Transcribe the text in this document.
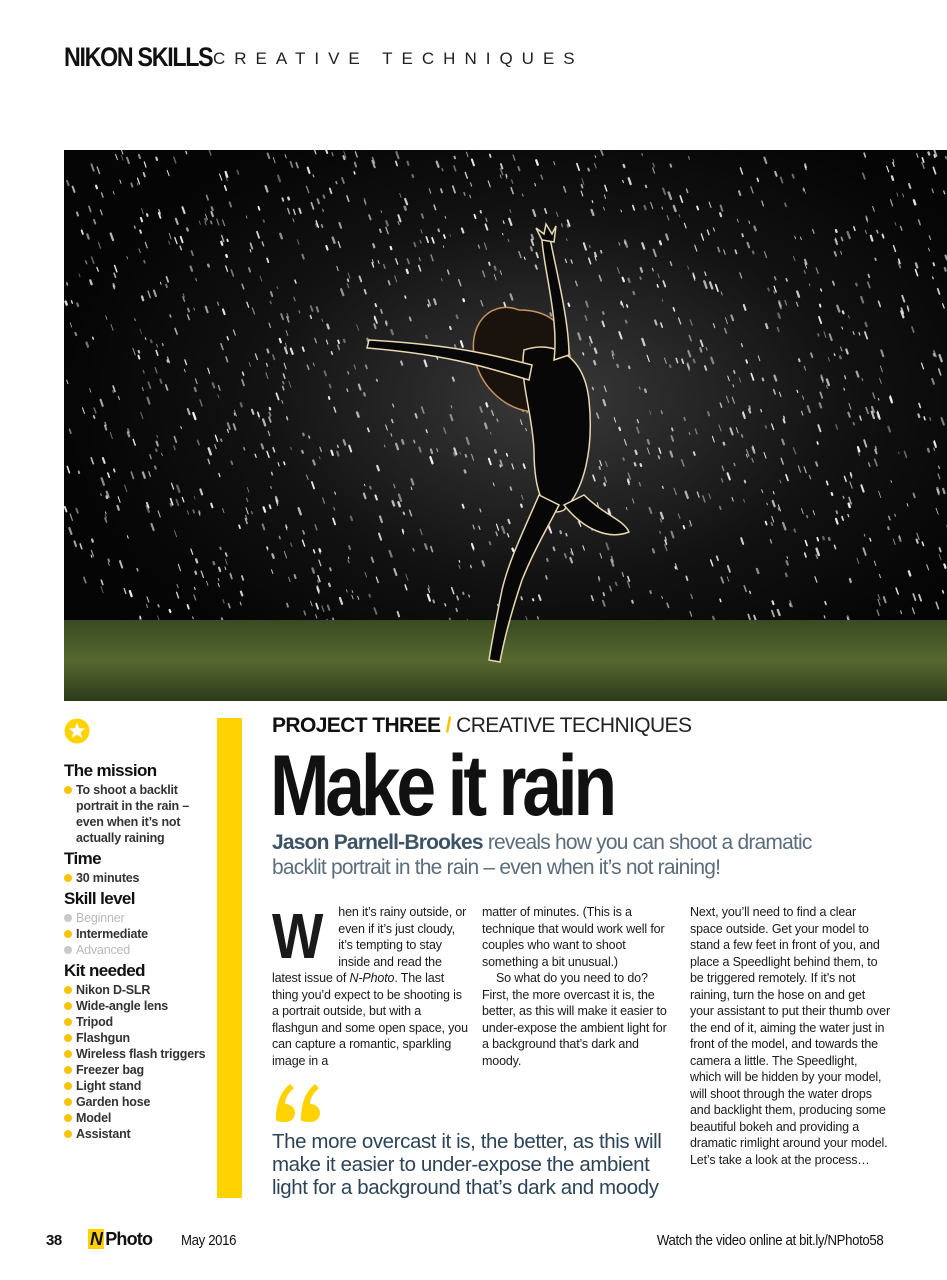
NIKON SKILLS CREATIVE TECHNIQUES
The mission
To shoot a backlit portrait in the rain – even when it’s not actually raining
Time
30 minutes
Skill level
Beginner
Intermediate
Advanced
Kit needed
Nikon D-SLR
Wide-angle lens
Tripod
Flashgun
Wireless flash triggers
Freezer bag
Light stand
Garden hose
Model
Assistant
PROJECT THREE / CREATIVE TECHNIQUES
Make it rain
Jason Parnell-Brookes reveals how you can shoot a dramatic backlit portrait in the rain – even when it’s not raining!

W hen it’s rainy outside, or even if it’s just cloudy, it’s tempting to stay inside and read the latest issue of N-Photo. The last thing you’d expect to be shooting is a portrait outside, but with a flashgun and some open space, you can capture a romantic, sparkling image in a

matter of minutes. (This is a technique that would work well for couples who want to shoot something a bit unusual.)

So what do you need to do? First, the more overcast it is, the better, as this will make it easier to under-expose the ambient light for a background that’s dark and moody.

Next, you’ll need to find a clear space outside. Get your model to stand a few feet in front of you, and place a Speedlight behind them, to be triggered remotely. If it’s not raining, turn the hose on and get your assistant to put their thumb over the end of it, aiming the water just in front of the model, and towards the camera a little. The Speedlight, which will be hidden by your model, will shoot through the water drops and backlight them, producing some beautiful bokeh and providing a dramatic rimlight around your model. Let’s take a look at the process…

The more overcast it is, the better, as this will make it easier to under-expose the ambient light for a background that’s dark and moody
38 N Photo May 2016	Watch the video online at bit.ly/NPhoto58
